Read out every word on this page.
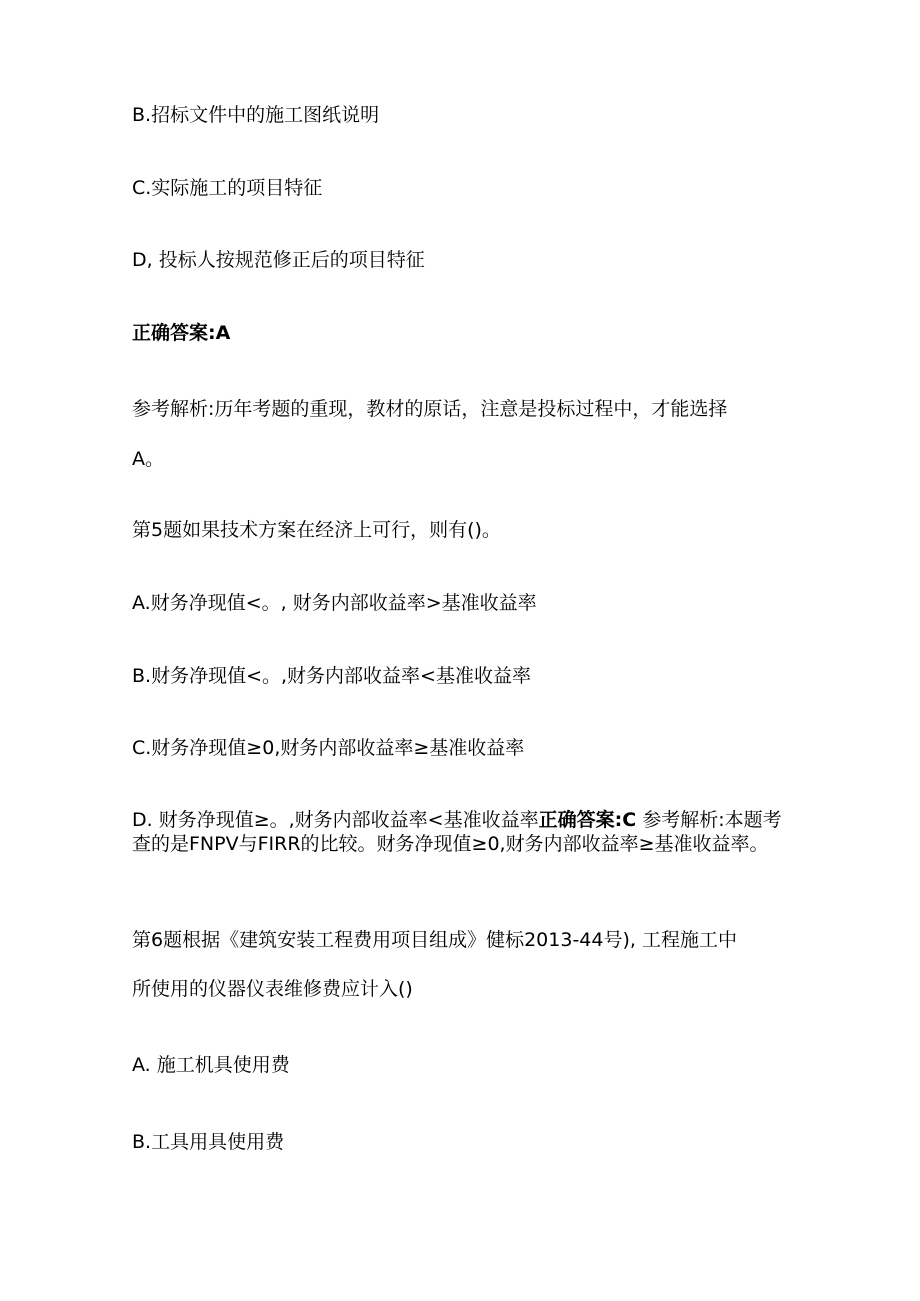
B.招标文件中的施工图纸说明
C.实际施工的项目特征
D, 投标人按规范修正后的项目特征
正确答案:A
参考解析:历年考题的重现，教材的原话，注意是投标过程中，才能选择
A。
第5题如果技术方案在经济上可行，则有()。
A.财务净现值<。, 财务内部收益率>基准收益率
B.财务净现值<。,财务内部收益率<基准收益率
C.财务净现值≥0,财务内部收益率≥基准收益率
D. 财务净现值≥。,财务内部收益率<基准收益率正确答案:C 参考解析:本题考查的是FNPV与FIRR的比较。财务净现值≥0,财务内部收益率≥基准收益率。
第6题根据《建筑安装工程费用项目组成》健标2013-44号), 工程施工中
所使用的仪器仪表维修费应计入()
A. 施工机具使用费
B.工具用具使用费
